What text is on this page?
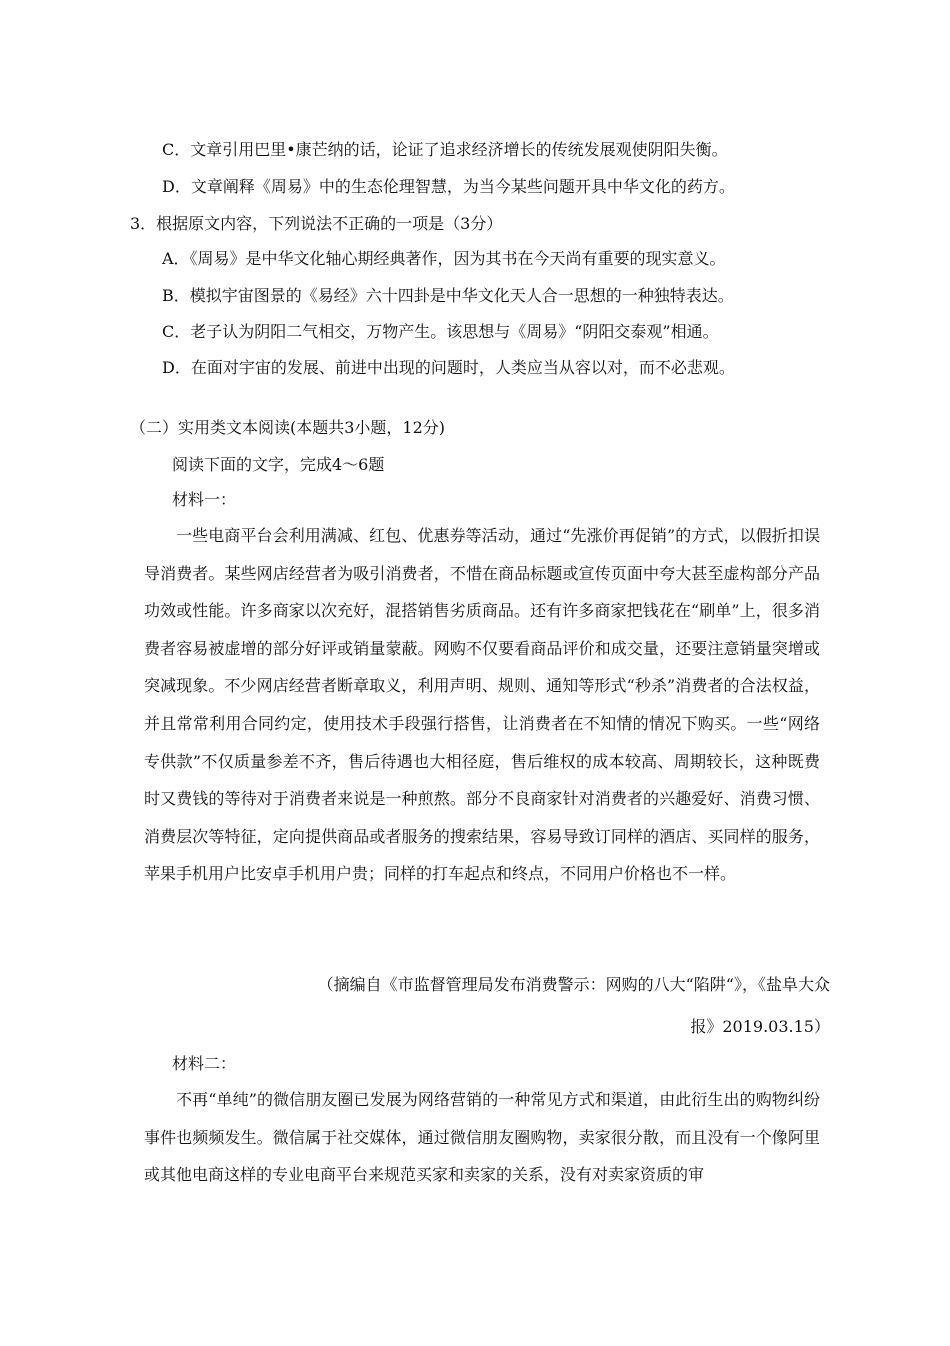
C．文章引用巴里•康芒纳的话，论证了追求经济增长的传统发展观使阴阳失衡。
D．文章阐释《周易》中的生态伦理智慧，为当今某些问题开具中华文化的药方。
3．根据原文内容，下列说法不正确的一项是（3分）
A．《周易》是中华文化轴心期经典著作，因为其书在今天尚有重要的现实意义。
B．模拟宇宙图景的《易经》六十四卦是中华文化天人合一思想的一种独特表达。
C．老子认为阴阳二气相交，万物产生。该思想与《周易》“阴阳交泰观”相通。
D．在面对宇宙的发展、前进中出现的问题时，人类应当从容以对，而不必悲观。
（二）实用类文本阅读(本题共3小题，12分)
阅读下面的文字，完成4～6题
材料一：

一些电商平台会利用满减、红包、优惠券等活动，通过“先涨价再促销”的方式，以假折扣误导消费者。某些网店经营者为吸引消费者，不惜在商品标题或宣传页面中夸大甚至虚构部分产品功效或性能。许多商家以次充好，混搭销售劣质商品。还有许多商家把钱花在“刷单”上，很多消费者容易被虚增的部分好评或销量蒙蔽。网购不仅要看商品评价和成交量，还要注意销量突增或突减现象。不少网店经营者断章取义，利用声明、规则、通知等形式“秒杀”消费者的合法权益，并且常常利用合同约定，使用技术手段强行搭售，让消费者在不知情的情况下购买。一些“网络专供款”不仅质量参差不齐，售后待遇也大相径庭，售后维权的成本较高、周期较长，这种既费时又费钱的等待对于消费者来说是一种煎熬。部分不良商家针对消费者的兴趣爱好、消费习惯、消费层次等特征，定向提供商品或者服务的搜索结果，容易导致订同样的酒店、买同样的服务，苹果手机用户比安卓手机用户贵；同样的打车起点和终点，不同用户价格也不一样。

（摘编自《市监督管理局发布消费警示：网购的八大“陷阱“》，《盐阜大众
报》2019.03.15）
材料二：

不再“单纯”的微信朋友圈已发展为网络营销的一种常见方式和渠道，由此衍生出的购物纠纷事件也频频发生。微信属于社交媒体，通过微信朋友圈购物，卖家很分散，而且没有一个像阿里或其他电商这样的专业电商平台来规范买家和卖家的关系，没有对卖家资质的审
